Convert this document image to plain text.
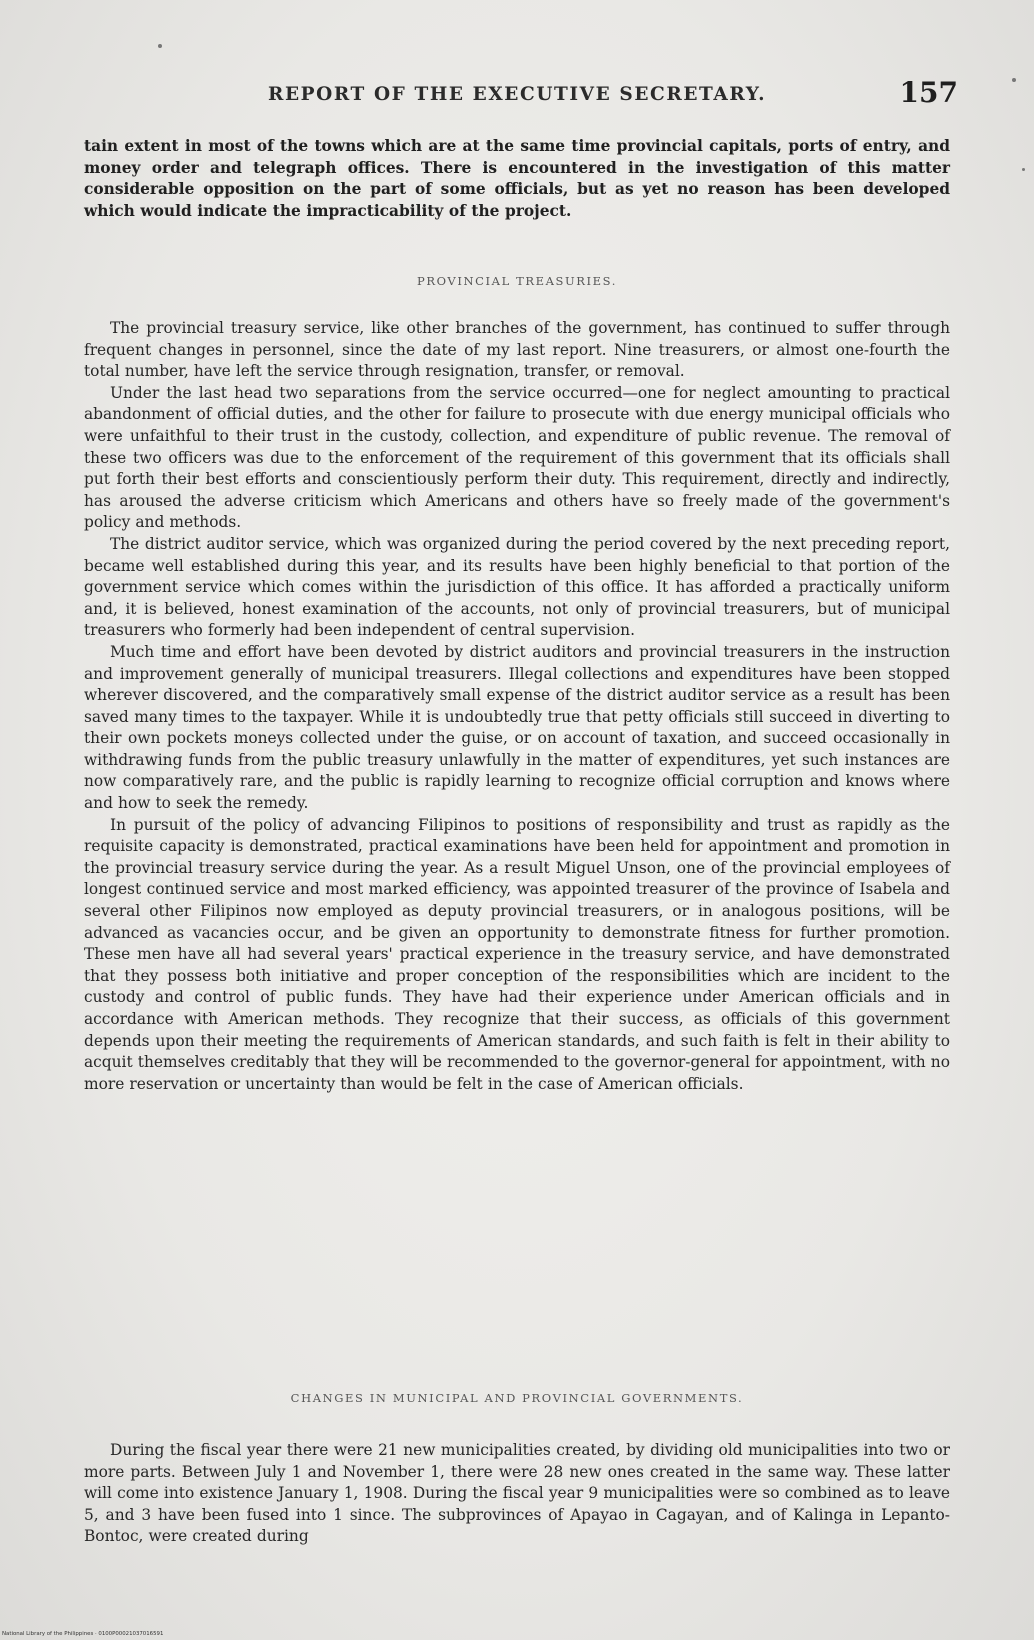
REPORT OF THE EXECUTIVE SECRETARY.	157

tain extent in most of the towns which are at the same time provincial capitals, ports of entry, and money order and telegraph offices. There is encountered in the investigation of this matter considerable opposition on the part of some officials, but as yet no reason has been developed which would indicate the impracticability of the project.

PROVINCIAL TREASURIES.

The provincial treasury service, like other branches of the government, has continued to suffer through frequent changes in personnel, since the date of my last report. Nine treasurers, or almost one-fourth the total number, have left the service through resignation, transfer, or removal.

Under the last head two separations from the service occurred—one for neglect amounting to practical abandonment of official duties, and the other for failure to prosecute with due energy municipal officials who were unfaithful to their trust in the custody, collection, and expenditure of public revenue. The removal of these two officers was due to the enforcement of the requirement of this government that its officials shall put forth their best efforts and conscientiously perform their duty. This requirement, directly and indirectly, has aroused the adverse criticism which Americans and others have so freely made of the government's policy and methods.

The district auditor service, which was organized during the period covered by the next preceding report, became well established during this year, and its results have been highly beneficial to that portion of the government service which comes within the jurisdiction of this office. It has afforded a practically uniform and, it is believed, honest examination of the accounts, not only of provincial treasurers, but of municipal treasurers who formerly had been independent of central supervision.

Much time and effort have been devoted by district auditors and provincial treasurers in the instruction and improvement generally of municipal treasurers. Illegal collections and expenditures have been stopped wherever discovered, and the comparatively small expense of the district auditor service as a result has been saved many times to the taxpayer. While it is undoubtedly true that petty officials still succeed in diverting to their own pockets moneys collected under the guise, or on account of taxation, and succeed occasionally in withdrawing funds from the public treasury unlawfully in the matter of expenditures, yet such instances are now comparatively rare, and the public is rapidly learning to recognize official corruption and knows where and how to seek the remedy.

In pursuit of the policy of advancing Filipinos to positions of responsibility and trust as rapidly as the requisite capacity is demonstrated, practical examinations have been held for appointment and promotion in the provincial treasury service during the year. As a result Miguel Unson, one of the provincial employees of longest continued service and most marked efficiency, was appointed treasurer of the province of Isabela and several other Filipinos now employed as deputy provincial treasurers, or in analogous positions, will be advanced as vacancies occur, and be given an opportunity to demonstrate fitness for further promotion. These men have all had several years' practical experience in the treasury service, and have demonstrated that they possess both initiative and proper conception of the responsibilities which are incident to the custody and control of public funds. They have had their experience under American officials and in accordance with American methods. They recognize that their success, as officials of this government depends upon their meeting the requirements of American standards, and such faith is felt in their ability to acquit themselves creditably that they will be recommended to the governor-general for appointment, with no more reservation or uncertainty than would be felt in the case of American officials.

CHANGES IN MUNICIPAL AND PROVINCIAL GOVERNMENTS.

During the fiscal year there were 21 new municipalities created, by dividing old municipalities into two or more parts. Between July 1 and November 1, there were 28 new ones created in the same way. These latter will come into existence January 1, 1908. During the fiscal year 9 municipalities were so combined as to leave 5, and 3 have been fused into 1 since. The subprovinces of Apayao in Cagayan, and of Kalinga in Lepanto-Bontoc, were created during

National Library of the Philippines · 0100P00021037016591
